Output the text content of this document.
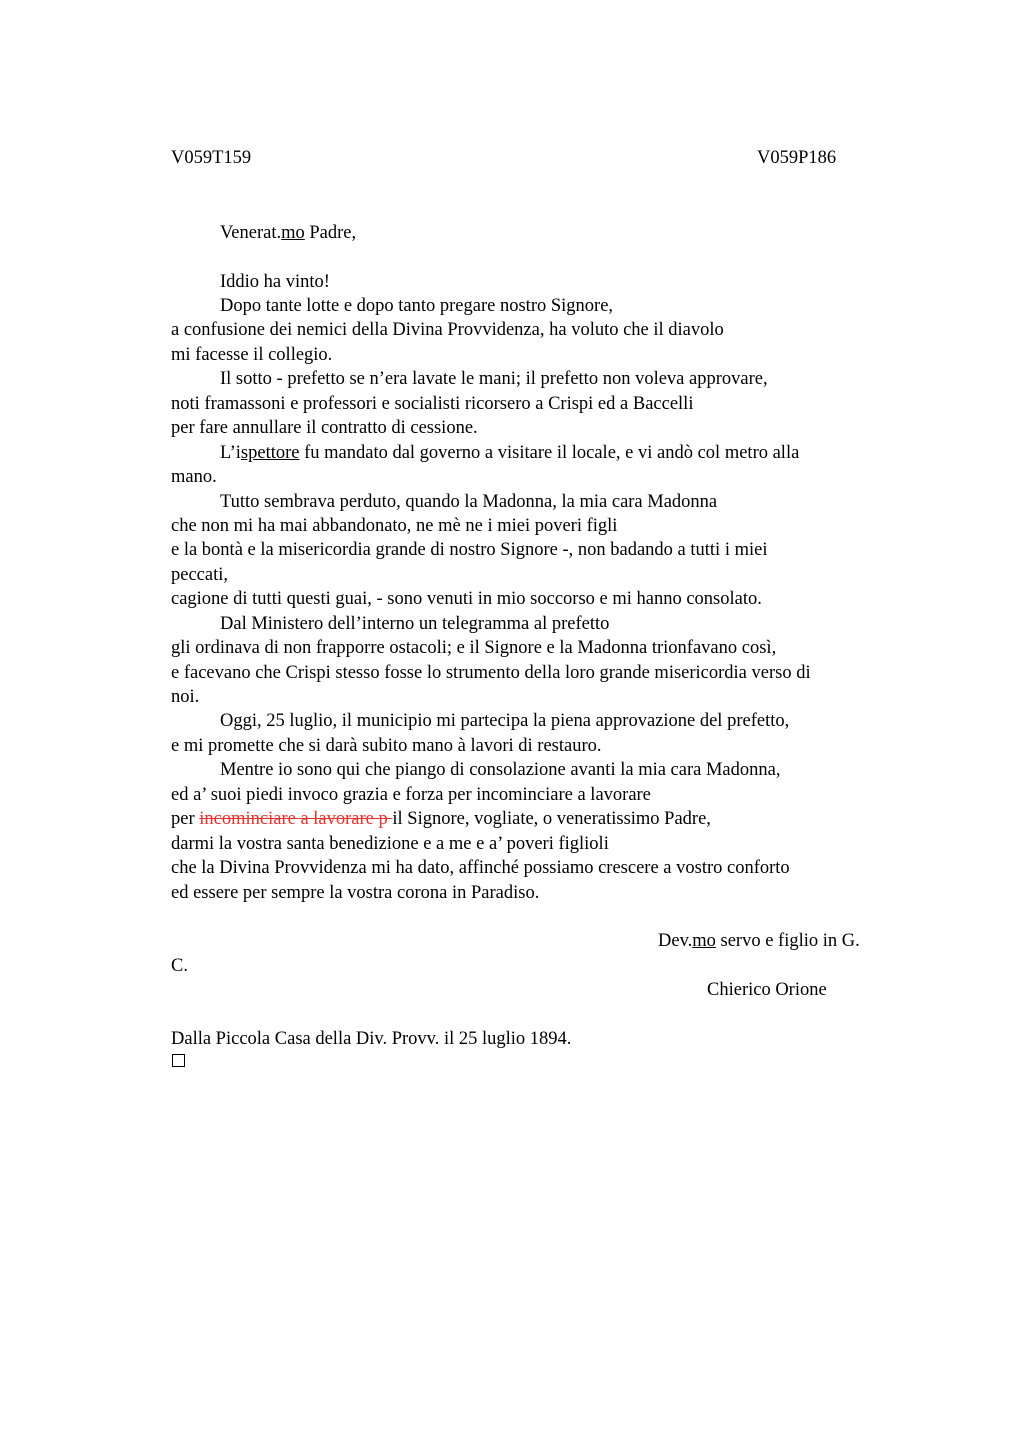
V059T159	V059P186
Venerat.mo Padre,
Iddio ha vinto!
Dopo tante lotte e dopo tanto pregare nostro Signore,
a confusione dei nemici della Divina Provvidenza, ha voluto che il diavolo
mi facesse il collegio.
Il sotto - prefetto se n’era lavate le mani; il prefetto non voleva approvare,
noti framassoni e professori e socialisti ricorsero a Crispi ed a Baccelli
per fare annullare il contratto di cessione.
L’ispettore fu mandato dal governo a visitare il locale, e vi andò col metro alla
mano.
Tutto sembrava perduto, quando la Madonna, la mia cara Madonna
che non mi ha mai abbandonato, ne mè ne i miei poveri figli
e la bontà e la misericordia grande di nostro Signore -, non badando a tutti i miei
peccati,
cagione di tutti questi guai, - sono venuti in mio soccorso e mi hanno consolato.
Dal Ministero dell’interno un telegramma al prefetto
gli ordinava di non frapporre ostacoli; e il Signore e la Madonna trionfavano così,
e facevano che Crispi stesso fosse lo strumento della loro grande misericordia verso di
noi.
Oggi, 25 luglio, il municipio mi partecipa la piena approvazione del prefetto,
e mi promette che si darà subito mano à lavori di restauro.
Mentre io sono qui che piango di consolazione avanti la mia cara Madonna,
ed a’ suoi piedi invoco grazia e forza per incominciare a lavorare
per incominciare a lavorare p il Signore, vogliate, o veneratissimo Padre,
darmi la vostra santa benedizione e a me e a’ poveri figlioli
che la Divina Provvidenza mi ha dato, affinché possiamo crescere a vostro conforto
ed essere per sempre la vostra corona in Paradiso.
Dev.mo servo e figlio in G.
C.
Chierico Orione
Dalla Piccola Casa della Div. Provv. il 25 luglio 1894.
